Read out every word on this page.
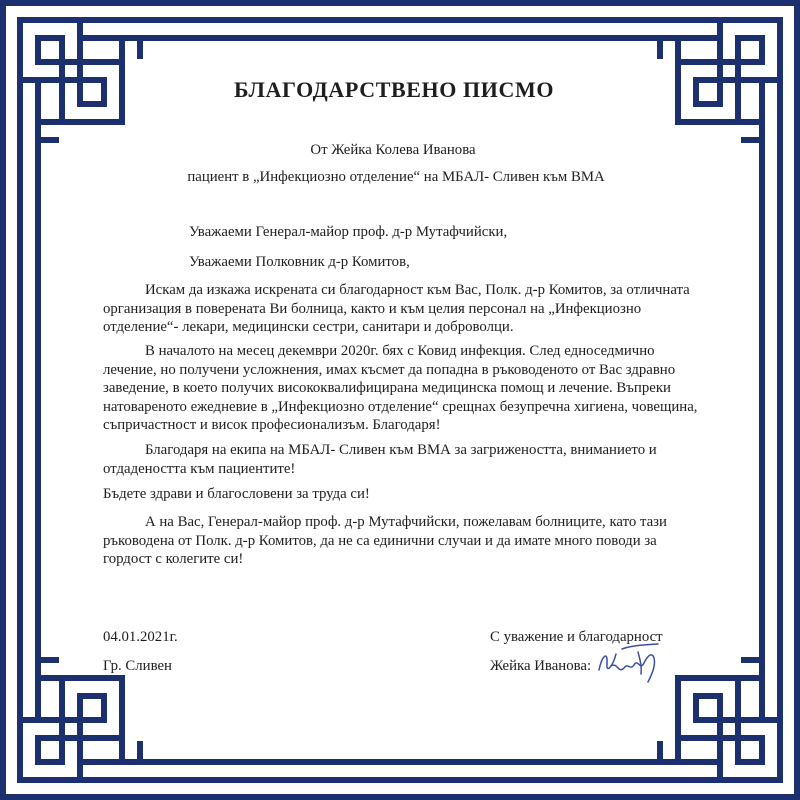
БЛАГОДАРСТВЕНО ПИСМО
От Жейка Колева Иванова
пациент в „Инфекциозно отделение“ на МБАЛ- Сливен към ВМА
Уважаеми Генерал-майор проф. д-р Мутафчийски,
Уважаеми Полковник д-р Комитов,
Искам да изкажа искрената си благодарност към Вас, Полк. д-р Комитов, за отличната
организация в поверената Ви болница, както и към целия персонал на „Инфекциозно
отделение“- лекари, медицински сестри, санитари и доброволци.
В началото на месец декември 2020г. бях с Ковид инфекция. След едноседмично
лечение, но получени усложнения, имах късмет да попадна в ръководеното от Вас здравно
заведение, в което получих висококвалифицирана медицинска помощ и лечение. Въпреки
натовареното ежедневие в „Инфекциозно отделение“ срещнах безупречна хигиена, човещина,
съпричастност и висок професионализъм. Благодаря!
Благодаря на екипа на МБАЛ- Сливен към ВМА за загрижеността, вниманието и
отдадеността към пациентите!
Бъдете здрави и благословени за труда си!
А на Вас, Генерал-майор проф. д-р Мутафчийски, пожелавам болниците, като тази
ръководена от Полк. д-р Комитов, да не са единични случаи и да имате много поводи за
гордост с колегите си!
04.01.2021г.
Гр. Сливен
С уважение и благодарност
Жейка Иванова:
